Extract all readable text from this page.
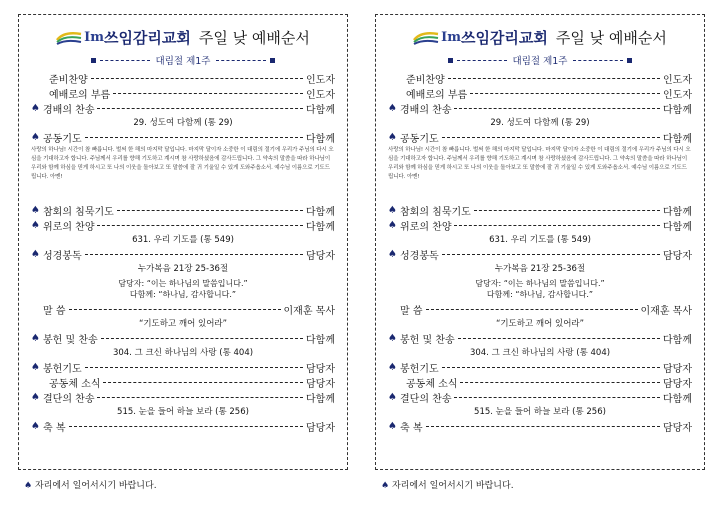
Im쓰임감리교회 주일 낮 예배순서
대림절 제1주
준비찬양	인도자
예배로의 부름	인도자
♠ 경배의 찬송	다함께
29. 성도여 다함께 (통 29)
♠ 공동기도	다함께
사랑의 하나님! 시간이 참 빠릅니다. 벌써 한 해의 마지막 달입니다. 마지막 달이자 소중한 이 대림의 절기에 우리가 주님의 다시 오심을 기대하고자 합니다. 주님께서 우리를 향해 기도하고 계시며 참 사랑하셨음에 감사드립니다. 그 약속의 말씀을 따라 하나님이 우리와 함께 하심을 믿게 하시고 또 나의 이웃을 돌아보고 또 말씀에 잘 귀 기울일 수 있게 도와주옵소서. 예수님 이름으로 기도드립니다. 아멘!
♠ 참회의 침묵기도	다함께
♠ 위로의 찬양	다함께
631. 우리 기도를 (통 549)
♠ 성경봉독	담당자
누가복음 21장 25-36절
담당자: “이는 하나님의 말씀입니다.”
다함께: “하나님, 감사합니다.”
말 씀	이재훈 목사
“기도하고 깨어 있어라”
♠ 봉헌 및 찬송	다함께
304. 그 크신 하나님의 사랑 (통 404)
♠ 봉헌기도	담당자
공동체 소식	담당자
♠ 결단의 찬송	다함께
515. 눈을 들어 하늘 보라 (통 256)
♠ 축 복	담당자
Im쓰임감리교회 주일 낮 예배순서
대림절 제1주
준비찬양	인도자
예배로의 부름	인도자
♠ 경배의 찬송	다함께
29. 성도여 다함께 (통 29)
♠ 공동기도	다함께
사랑의 하나님! 시간이 참 빠릅니다. 벌써 한 해의 마지막 달입니다. 마지막 달이자 소중한 이 대림의 절기에 우리가 주님의 다시 오심을 기대하고자 합니다. 주님께서 우리를 향해 기도하고 계시며 참 사랑하셨음에 감사드립니다. 그 약속의 말씀을 따라 하나님이 우리와 함께 하심을 믿게 하시고 또 나의 이웃을 돌아보고 또 말씀에 잘 귀 기울일 수 있게 도와주옵소서. 예수님 이름으로 기도드립니다. 아멘!
♠ 참회의 침묵기도	다함께
♠ 위로의 찬양	다함께
631. 우리 기도를 (통 549)
♠ 성경봉독	담당자
누가복음 21장 25-36절
담당자: “이는 하나님의 말씀입니다.”
다함께: “하나님, 감사합니다.”
말 씀	이재훈 목사
“기도하고 깨어 있어라”
♠ 봉헌 및 찬송	다함께
304. 그 크신 하나님의 사랑 (통 404)
♠ 봉헌기도	담당자
공동체 소식	담당자
♠ 결단의 찬송	다함께
515. 눈을 들어 하늘 보라 (통 256)
♠ 축 복	담당자
♠ 자리에서 일어서시기 바랍니다.	♠ 자리에서 일어서시기 바랍니다.
